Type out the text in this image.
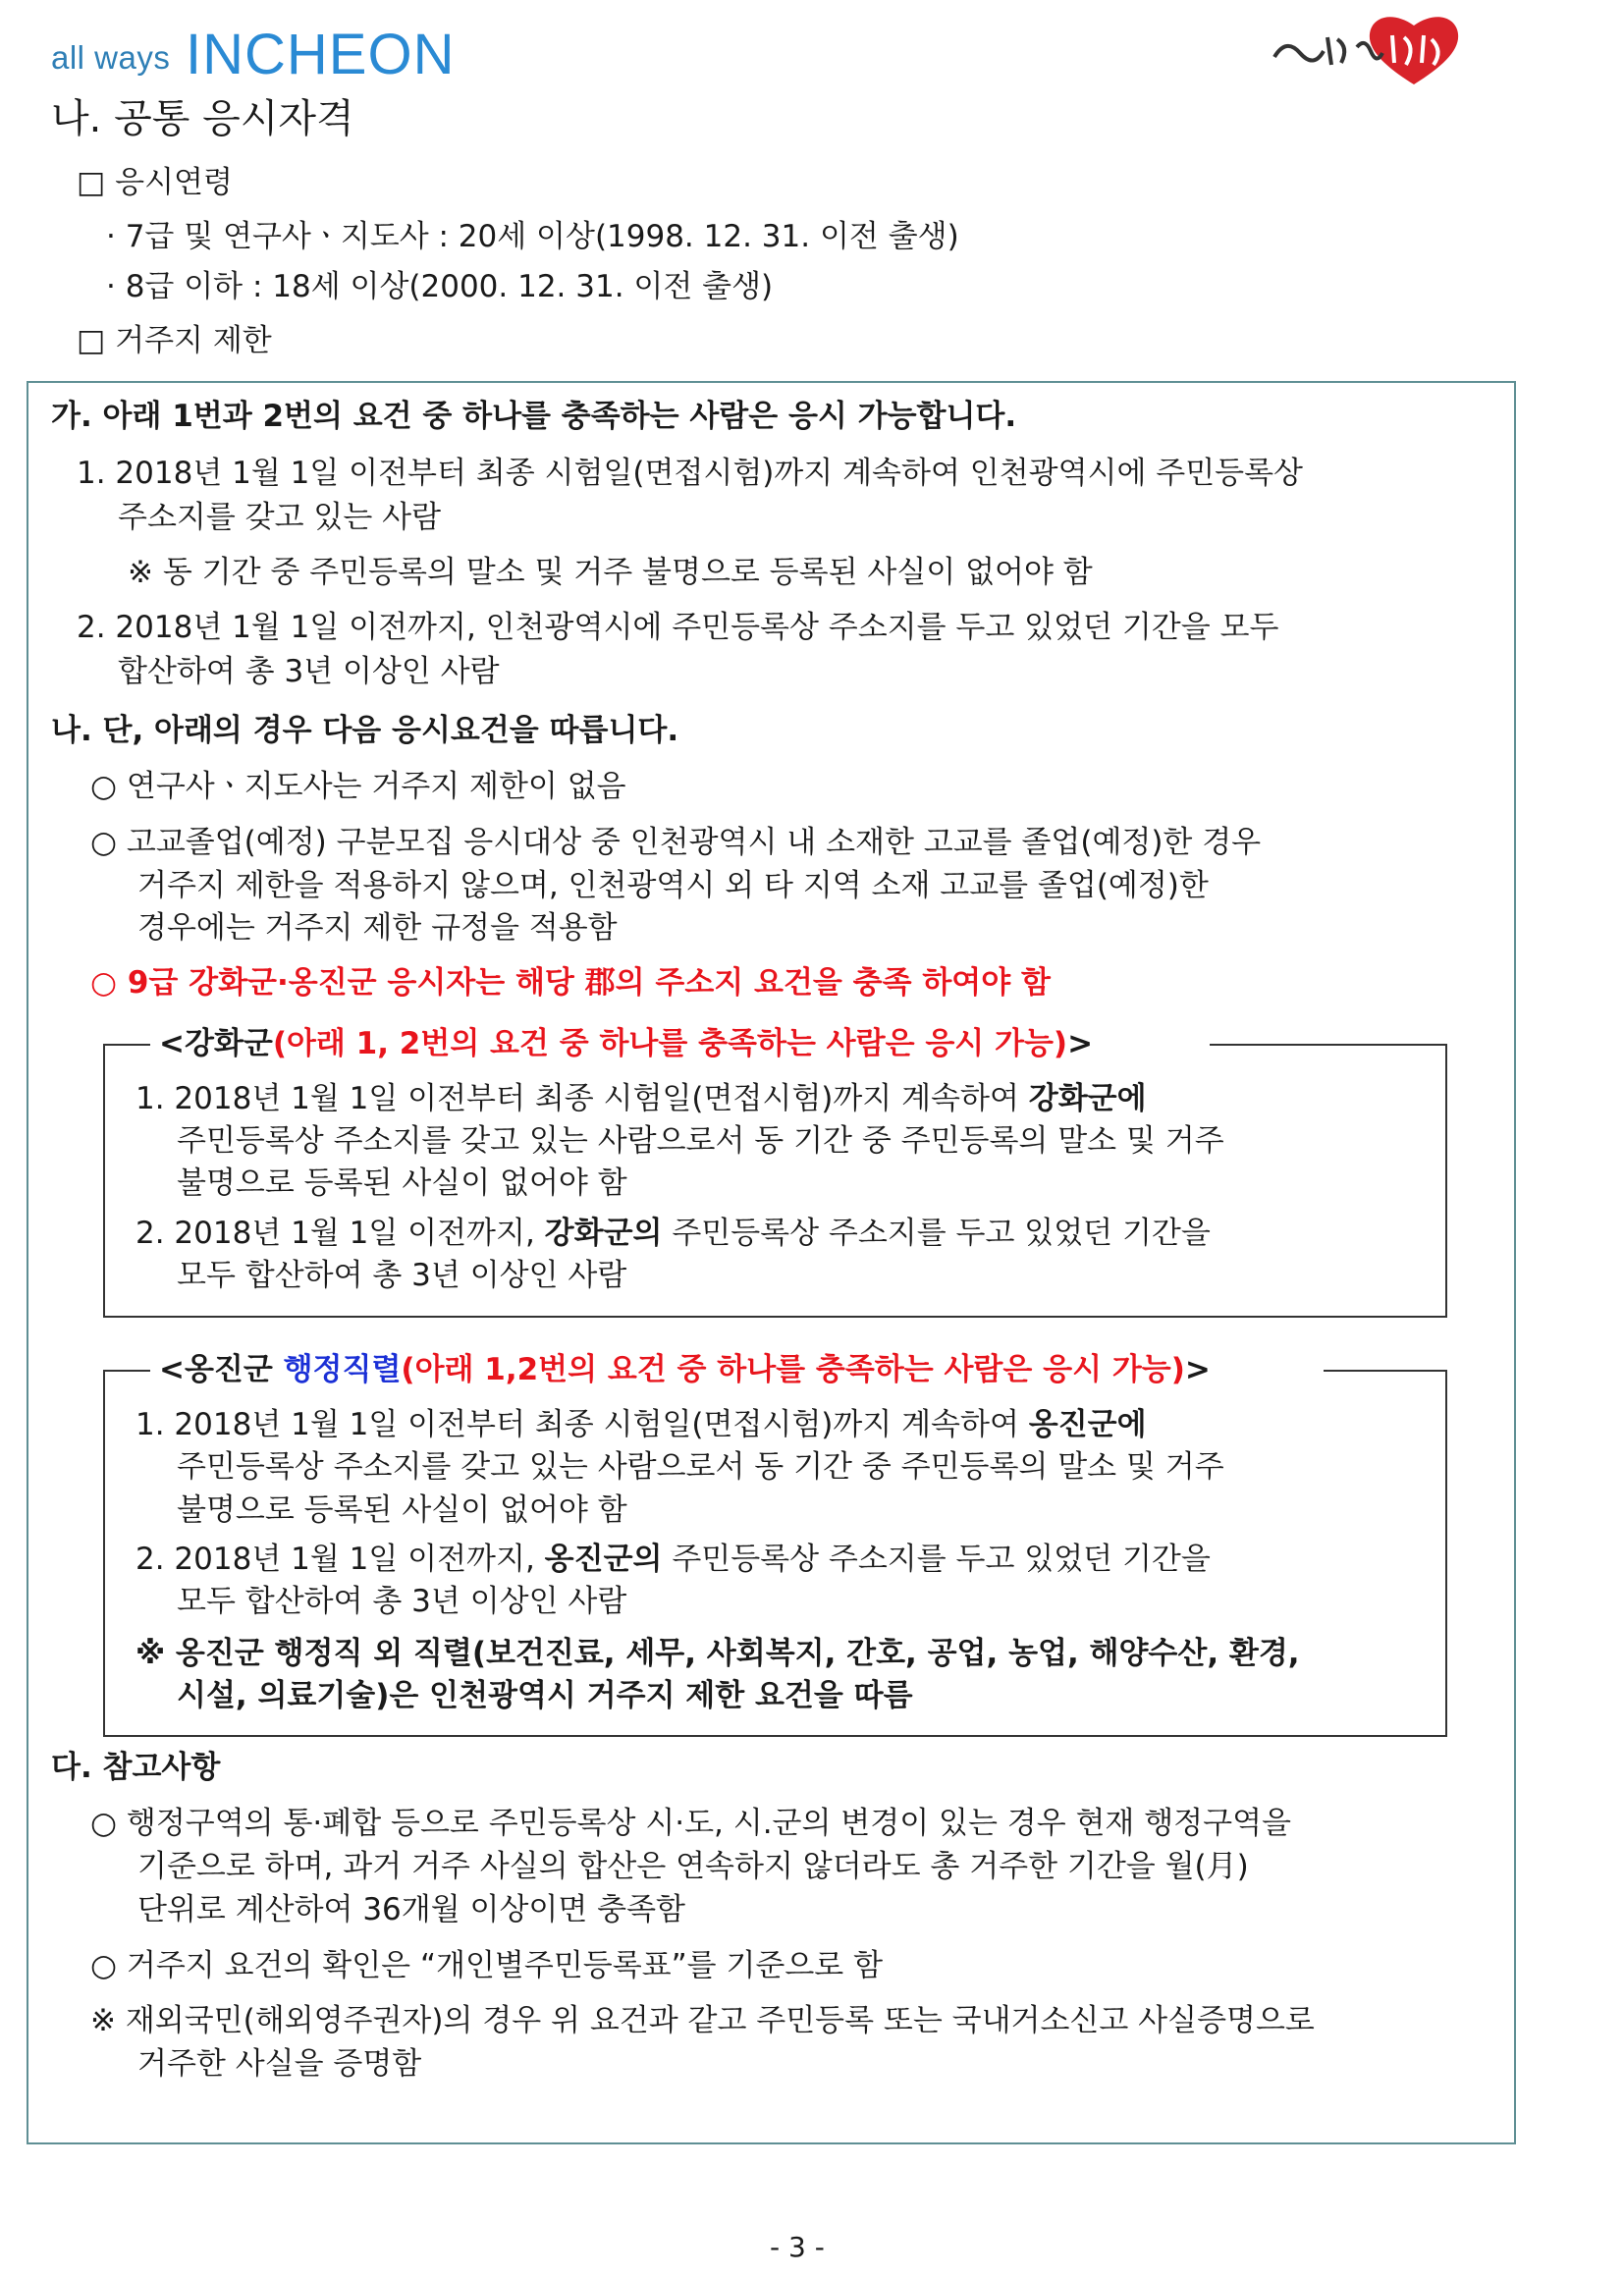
all ways INCHEON
나. 공통 응시자격
□ 응시연령
· 7급 및 연구사ㆍ지도사 : 20세 이상(1998. 12. 31. 이전 출생)
· 8급 이하 : 18세 이상(2000. 12. 31. 이전 출생)
□ 거주지 제한
가. 아래 1번과 2번의 요건 중 하나를 충족하는 사람은 응시 가능합니다.
1. 2018년 1월 1일 이전부터 최종 시험일(면접시험)까지 계속하여 인천광역시에 주민등록상
주소지를 갖고 있는 사람
※ 동 기간 중 주민등록의 말소 및 거주 불명으로 등록된 사실이 없어야 함
2. 2018년 1월 1일 이전까지, 인천광역시에 주민등록상 주소지를 두고 있었던 기간을 모두
합산하여 총 3년 이상인 사람
나. 단, 아래의 경우 다음 응시요건을 따릅니다.
○ 연구사ㆍ지도사는 거주지 제한이 없음
○ 고교졸업(예정) 구분모집 응시대상 중 인천광역시 내 소재한 고교를 졸업(예정)한 경우
거주지 제한을 적용하지 않으며, 인천광역시 외 타 지역 소재 고교를 졸업(예정)한
경우에는 거주지 제한 규정을 적용함
○ 9급 강화군·옹진군 응시자는 해당 郡의 주소지 요건을 충족 하여야 함
<강화군(아래 1, 2번의 요건 중 하나를 충족하는 사람은 응시 가능)>
1. 2018년 1월 1일 이전부터 최종 시험일(면접시험)까지 계속하여 강화군에
주민등록상 주소지를 갖고 있는 사람으로서 동 기간 중 주민등록의 말소 및 거주
불명으로 등록된 사실이 없어야 함
2. 2018년 1월 1일 이전까지, 강화군의 주민등록상 주소지를 두고 있었던 기간을
모두 합산하여 총 3년 이상인 사람
<옹진군 행정직렬(아래 1,2번의 요건 중 하나를 충족하는 사람은 응시 가능)>
1. 2018년 1월 1일 이전부터 최종 시험일(면접시험)까지 계속하여 옹진군에
주민등록상 주소지를 갖고 있는 사람으로서 동 기간 중 주민등록의 말소 및 거주
불명으로 등록된 사실이 없어야 함
2. 2018년 1월 1일 이전까지, 옹진군의 주민등록상 주소지를 두고 있었던 기간을
모두 합산하여 총 3년 이상인 사람
※ 옹진군 행정직 외 직렬(보건진료, 세무, 사회복지, 간호, 공업, 농업, 해양수산, 환경,
시설, 의료기술)은 인천광역시 거주지 제한 요건을 따름
다. 참고사항
○ 행정구역의 통·폐합 등으로 주민등록상 시·도, 시.군의 변경이 있는 경우 현재 행정구역을
기준으로 하며, 과거 거주 사실의 합산은 연속하지 않더라도 총 거주한 기간을 월(月)
단위로 계산하여 36개월 이상이면 충족함
○ 거주지 요건의 확인은 “개인별주민등록표”를 기준으로 함
※ 재외국민(해외영주권자)의 경우 위 요건과 같고 주민등록 또는 국내거소신고 사실증명으로
거주한 사실을 증명함
- 3 -
